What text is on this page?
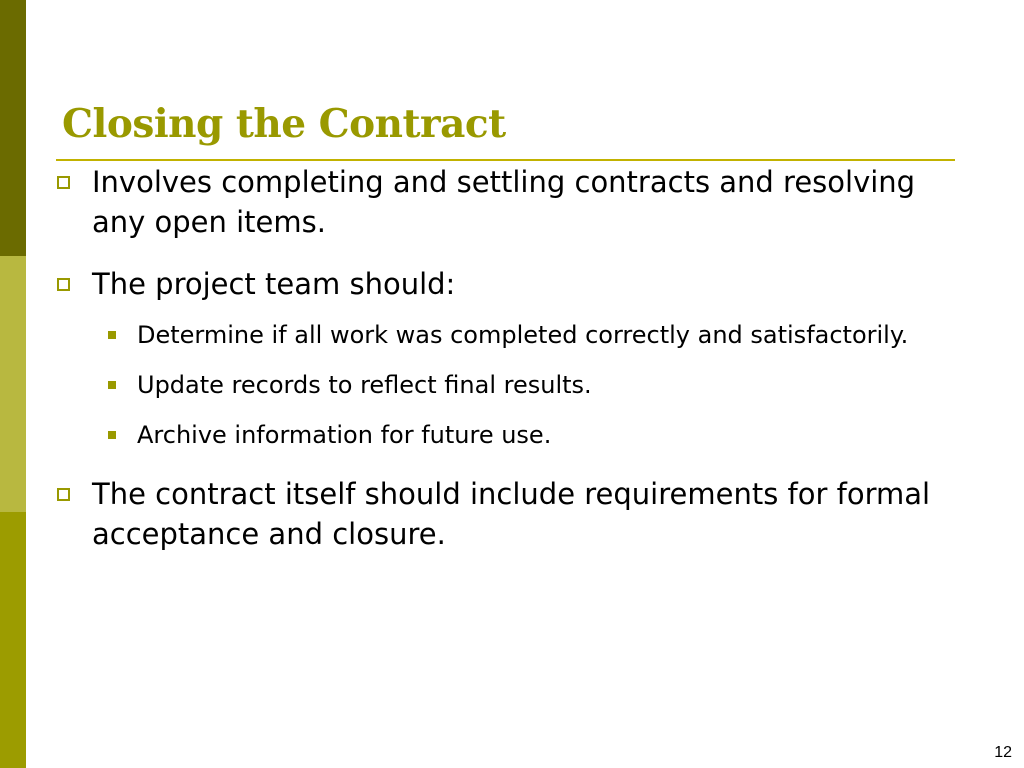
Closing the Contract

Involves completing and settling contracts and resolving any open items.

The project team should:

Determine if all work was completed correctly and satisfactorily.

Update records to reflect final results.

Archive information for future use.

The contract itself should include requirements for formal acceptance and closure.

12
